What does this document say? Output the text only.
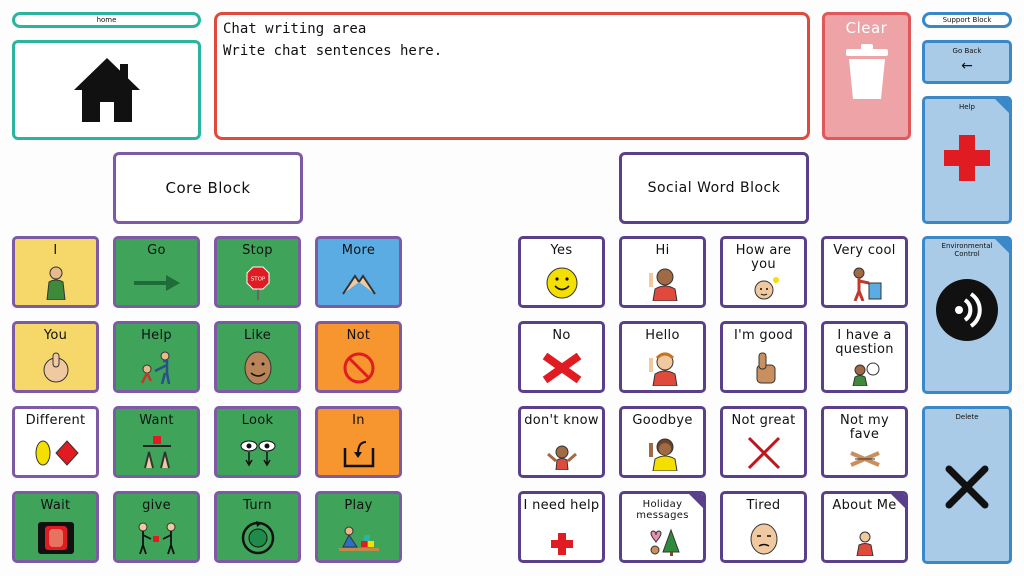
home
Chat writing area
Write chat sentences here.
Clear	Support Block
Go Back
←
Help
Environmental Control
Delete
Core Block	Social Word Block
I	Go	Stop
STOP
More
You	Help	Like	Not
Different	Want	Look	In
Wait	give	Turn	Play
Yes	Hi	How are you
Very cool
No	Hello	I'm good	I have a question
don't know	Goodbye	Not great	Not my fave
I need help	Holiday messages
Tired	About Me
